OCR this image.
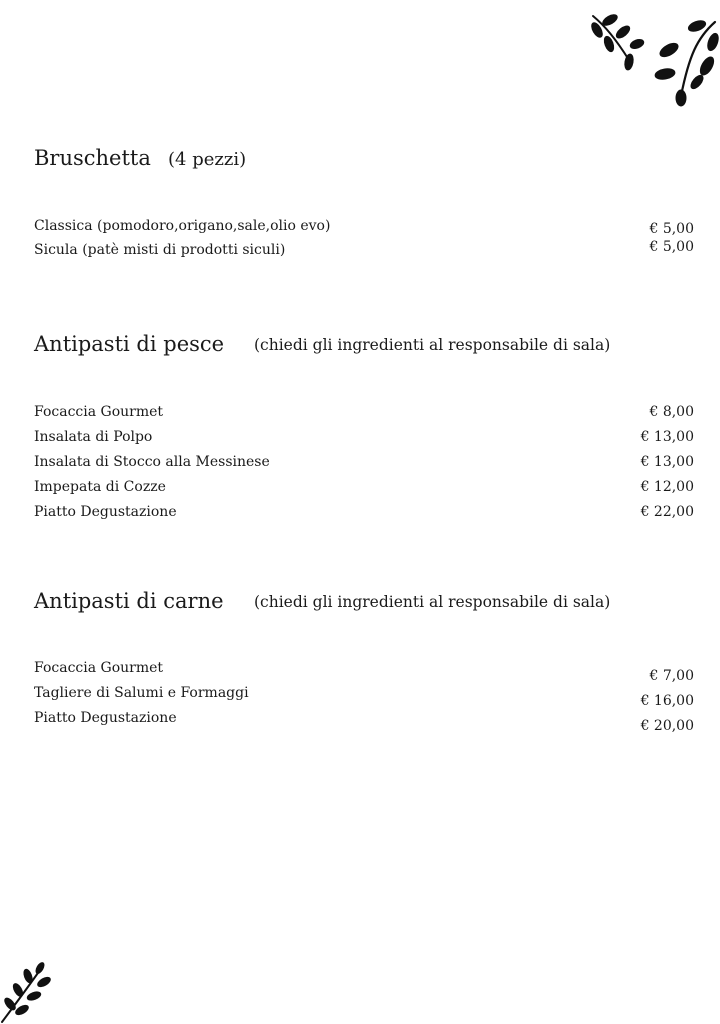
Bruschetta (4 pezzi)
Classica (pomodoro,origano,sale,olio evo)	€ 5,00
Sicula (patè misti di prodotti siculi)	€ 5,00
Antipasti di pesce (chiedi gli ingredienti al responsabile di sala)
Focaccia Gourmet	€ 8,00
Insalata di Polpo	€ 13,00
Insalata di Stocco alla Messinese	€ 13,00
Impepata di Cozze	€ 12,00
Piatto Degustazione	€ 22,00
Antipasti di carne (chiedi gli ingredienti al responsabile di sala)
Focaccia Gourmet	€ 7,00
Tagliere di Salumi e Formaggi	€ 16,00
Piatto Degustazione	€ 20,00
